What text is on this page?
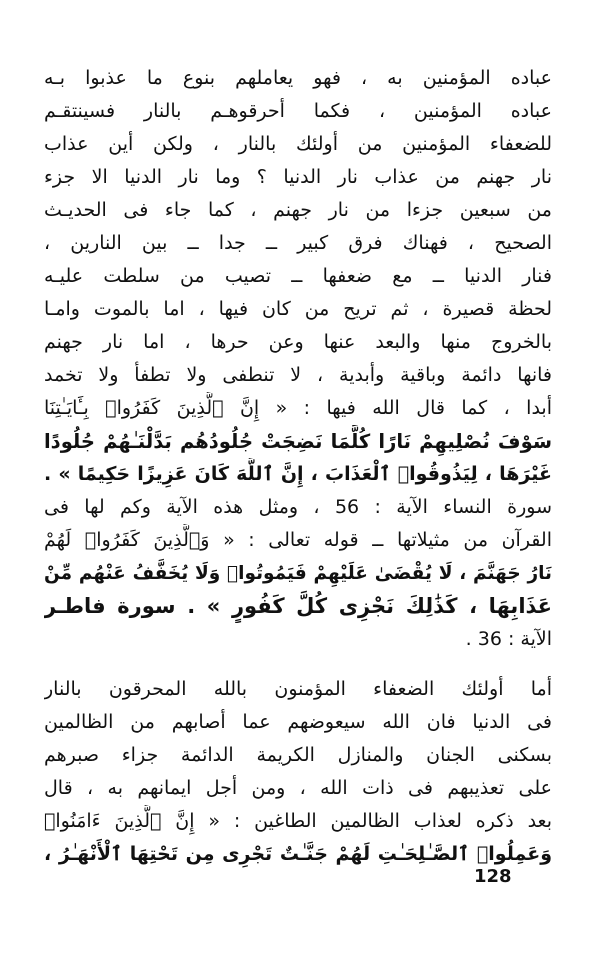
عباده المؤمنين به ، فهو يعاملهم بنوع ما عذبوا بـه
عباده المؤمنين ، فكما أحرقوهـم بالنار فسينتقـم
للضعفاء المؤمنين من أولئك بالنار ، ولكن أين عذاب
نار جهنم من عذاب نار الدنيا ؟ وما نار الدنيا الا جزء
من سبعين جزءا من نار جهنم ، كما جاء فى الحديـث
الصحيح ، فهناك فرق كبير ــ جدا ــ بين النارين ،
فنار الدنيا ــ مع ضعفها ــ تصيب من سلطت عليـه
لحظة قصيرة ، ثم تريح من كان فيها ، اما بالموت وامـا
بالخروج منها والبعد عنها وعن حرها ، اما نار جهنم
فانها دائمة وباقية وأبدية ، لا تنطفى ولا تطفأ ولا تخمد
أبدا ، كما قال الله فيها : « إِنَّ ٱلَّذِينَ كَفَرُوا۟ بِـَٔايَـٰتِنَا
سَوْفَ نُصْلِيهِمْ نَارًا كُلَّمَا نَضِجَتْ جُلُودُهُم بَدَّلْنَـٰهُمْ جُلُودًا
غَيْرَهَا ، لِيَذُوقُوا۟ ٱلْعَذَابَ ، إِنَّ ٱللَّهَ كَانَ عَزِيزًا حَكِيمًا » .
سورة النساء الآية : 56 ، ومثل هذه الآية وكم لها فى
القرآن من مثيلاتها ــ قوله تعالى : « وَٱلَّذِينَ كَفَرُوا۟ لَهُمْ
نَارُ جَهَنَّمَ ، لَا يُقْضَىٰ عَلَيْهِمْ فَيَمُوتُوا۟ وَلَا يُخَفَّفُ عَنْهُم مِّنْ
عَذَابِهَا ، كَذَٰلِكَ نَجْزِى كُلَّ كَفُورٍ » . سورة فاطـر
الآية : 36 .
أما أولئك الضعفاء المؤمنون بالله المحرقون بالنار
فى الدنيا فان الله سيعوضهم عما أصابهم من الظالمين
بسكنى الجنان والمنازل الكريمة الدائمة جزاء صبرهم
على تعذيبهم فى ذات الله ، ومن أجل ايمانهم به ، قال
بعد ذكره لعذاب الظالمين الطاغين : « إِنَّ ٱلَّذِينَ ءَامَنُوا۟
وَعَمِلُوا۟ ٱلصَّـٰلِحَـٰتِ لَهُمْ جَنَّـٰتٌ تَجْرِى مِن تَحْتِهَا ٱلْأَنْهَـٰرُ ،
128
